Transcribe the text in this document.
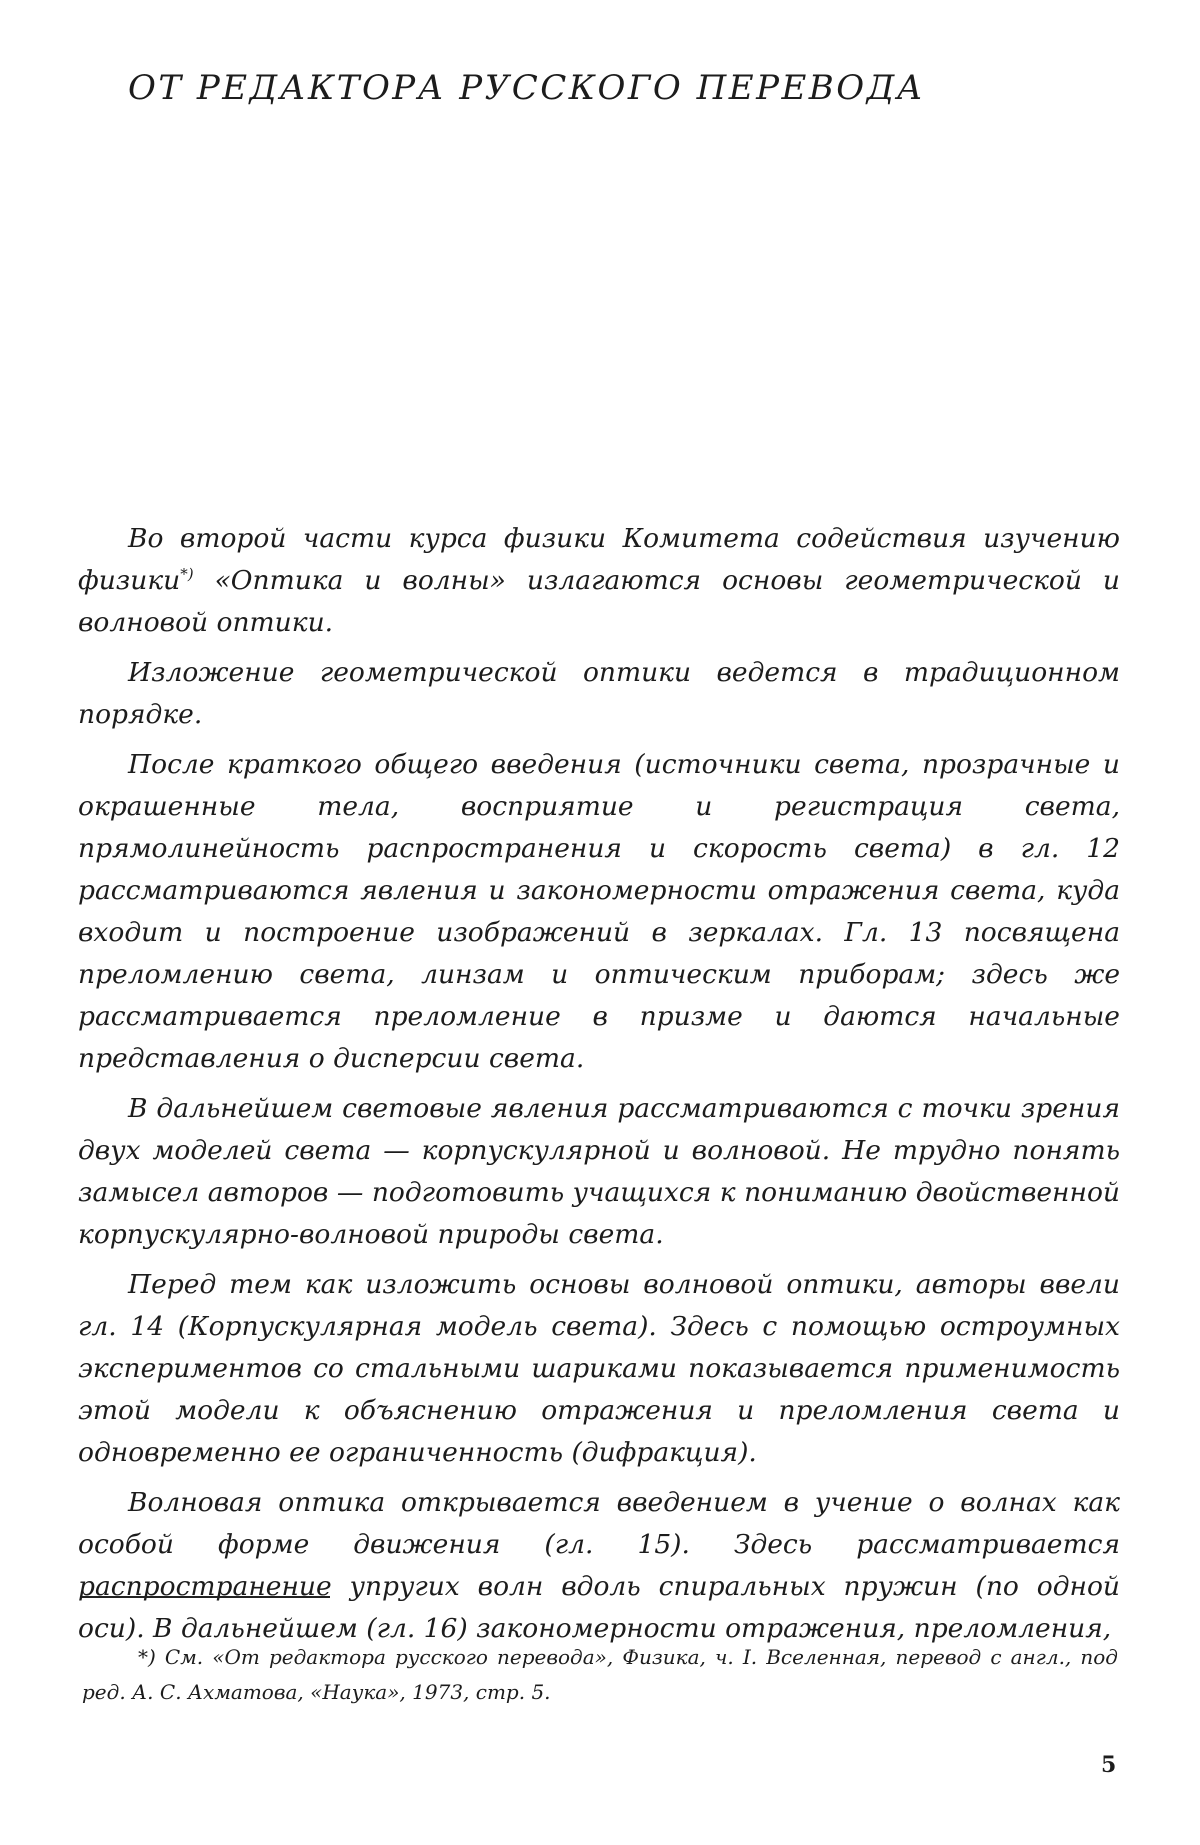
ОТ РЕДАКТОРА РУССКОГО ПЕРЕВОДА

Во второй части курса физики Комитета содействия изучению физики*) «Оптика и волны» излагаются основы геометрической и волновой оптики.

Изложение геометрической оптики ведется в традиционном порядке.

После краткого общего введения (источники света, прозрачные и окрашенные тела, восприятие и регистрация света, прямолинейность распространения и скорость света) в гл. 12 рассматриваются явления и закономерности отражения света, куда входит и построение изображений в зеркалах. Гл. 13 посвящена преломлению света, линзам и оптическим приборам; здесь же рассматривается преломление в призме и даются начальные представления о дисперсии света.

В дальнейшем световые явления рассматриваются с точки зрения двух моделей света — корпускулярной и волновой. Не трудно понять замысел авторов — подготовить учащихся к пониманию двойственной корпускулярно-волновой природы света.

Перед тем как изложить основы волновой оптики, авторы ввели гл. 14 (Корпускулярная модель света). Здесь с помощью остроумных экспериментов со стальными шариками показывается применимость этой модели к объяснению отражения и преломления света и одновременно ее ограниченность (дифракция).

Волновая оптика открывается введением в учение о волнах как особой форме движения (гл. 15). Здесь рассматривается распространение упругих волн вдоль спиральных пружин (по одной оси). В дальнейшем (гл. 16) закономерности отражения, преломления,

*) См. «От редактора русского перевода», Физика, ч. I. Вселенная, перевод с англ., под ред. А. С. Ахматова, «Наука», 1973, стр. 5.

5
